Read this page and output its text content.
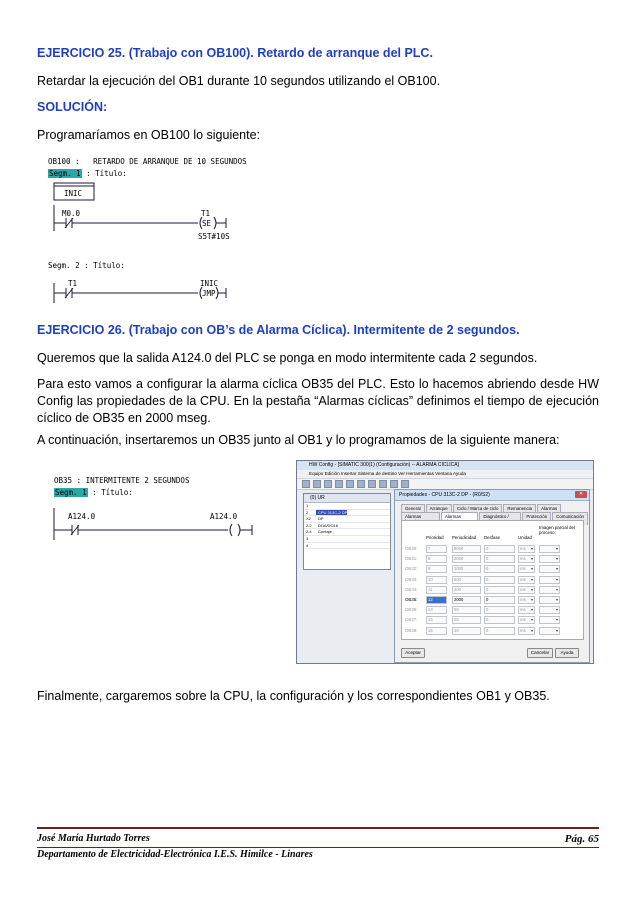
EJERCICIO 25. (Trabajo con OB100). Retardo de arranque del PLC.
Retardar la ejecución del OB1 durante 10 segundos utilizando el OB100.
SOLUCIÓN:
Programaríamos en OB100 lo siguiente:
OB100 :   RETARDO DE ARRANQUE DE 10 SEGUNDOS
Segm. 1 : Título:
INIC
M0.0	T1
SE
S5T#10S
Segm. 2 : Título:
T1	INIC
JMP
EJERCICIO 26. (Trabajo con OB’s de Alarma Cíclica). Intermitente de 2 segundos.
Queremos que la salida A124.0 del PLC se ponga en modo intermitente cada 2 segundos.
Para esto vamos a configurar la alarma cíclica OB35 del PLC. Esto lo hacemos abriendo desde HW Config las propiedades de la CPU. En la pestaña “Alarmas cíclicas” definimos el tiempo de ejecución cíclico de OB35 en 2000 mseg.
A continuación, insertaremos un OB35 junto al OB1 y lo programamos de la siguiente manera:
OB35 : INTERMITENTE 2 SEGUNDOS
Segm. 1 : Título:
A124.0	A124.0
HW Config - [SIMATIC 300(1) (Configuración) -- ALARMA CICLICA]
Equipo Edición Insertar Sistema de destino Ver Herramientas Ventana Ayuda
(0) UR
1
2	CPU 313C-2 DP
X2	DP
2.2	DI16/DO16
2.4	Contaje
3
4
Propiedades - CPU 313C-2 DP - (R0/S2)	✕
General	Arranque	Ciclo / Marca de ciclo	Remanencia	Alarmas
Alarmas	Alarmas	Diagnóstico /	Protección	Comunicación
Prioridad Periodicidad Desfase	Unidad
Imagen parcial del proceso:
OB30:	7	5000	0	ms ▾
▾
OB31:	8	2000	0	ms ▾
▾
OB32:	9	1000	0	ms ▾
▾
OB33:	10	500	0	ms ▾
▾
OB34:	11	200	0	ms ▾
▾
OB35:	12	2000	0	ms ▾
▾
OB36:	13	50	0	ms ▾
▾
OB37:	14	20	0	ms ▾
▾
OB38:	15	10	0	ms ▾
▾
Aceptar	Cancelar	Ayuda
Finalmente, cargaremos sobre la CPU, la configuración y los correspondientes OB1 y OB35.
José María Hurtado Torres	Pág. 65
Departamento de Electricidad-Electrónica I.E.S. Himilce - Linares
